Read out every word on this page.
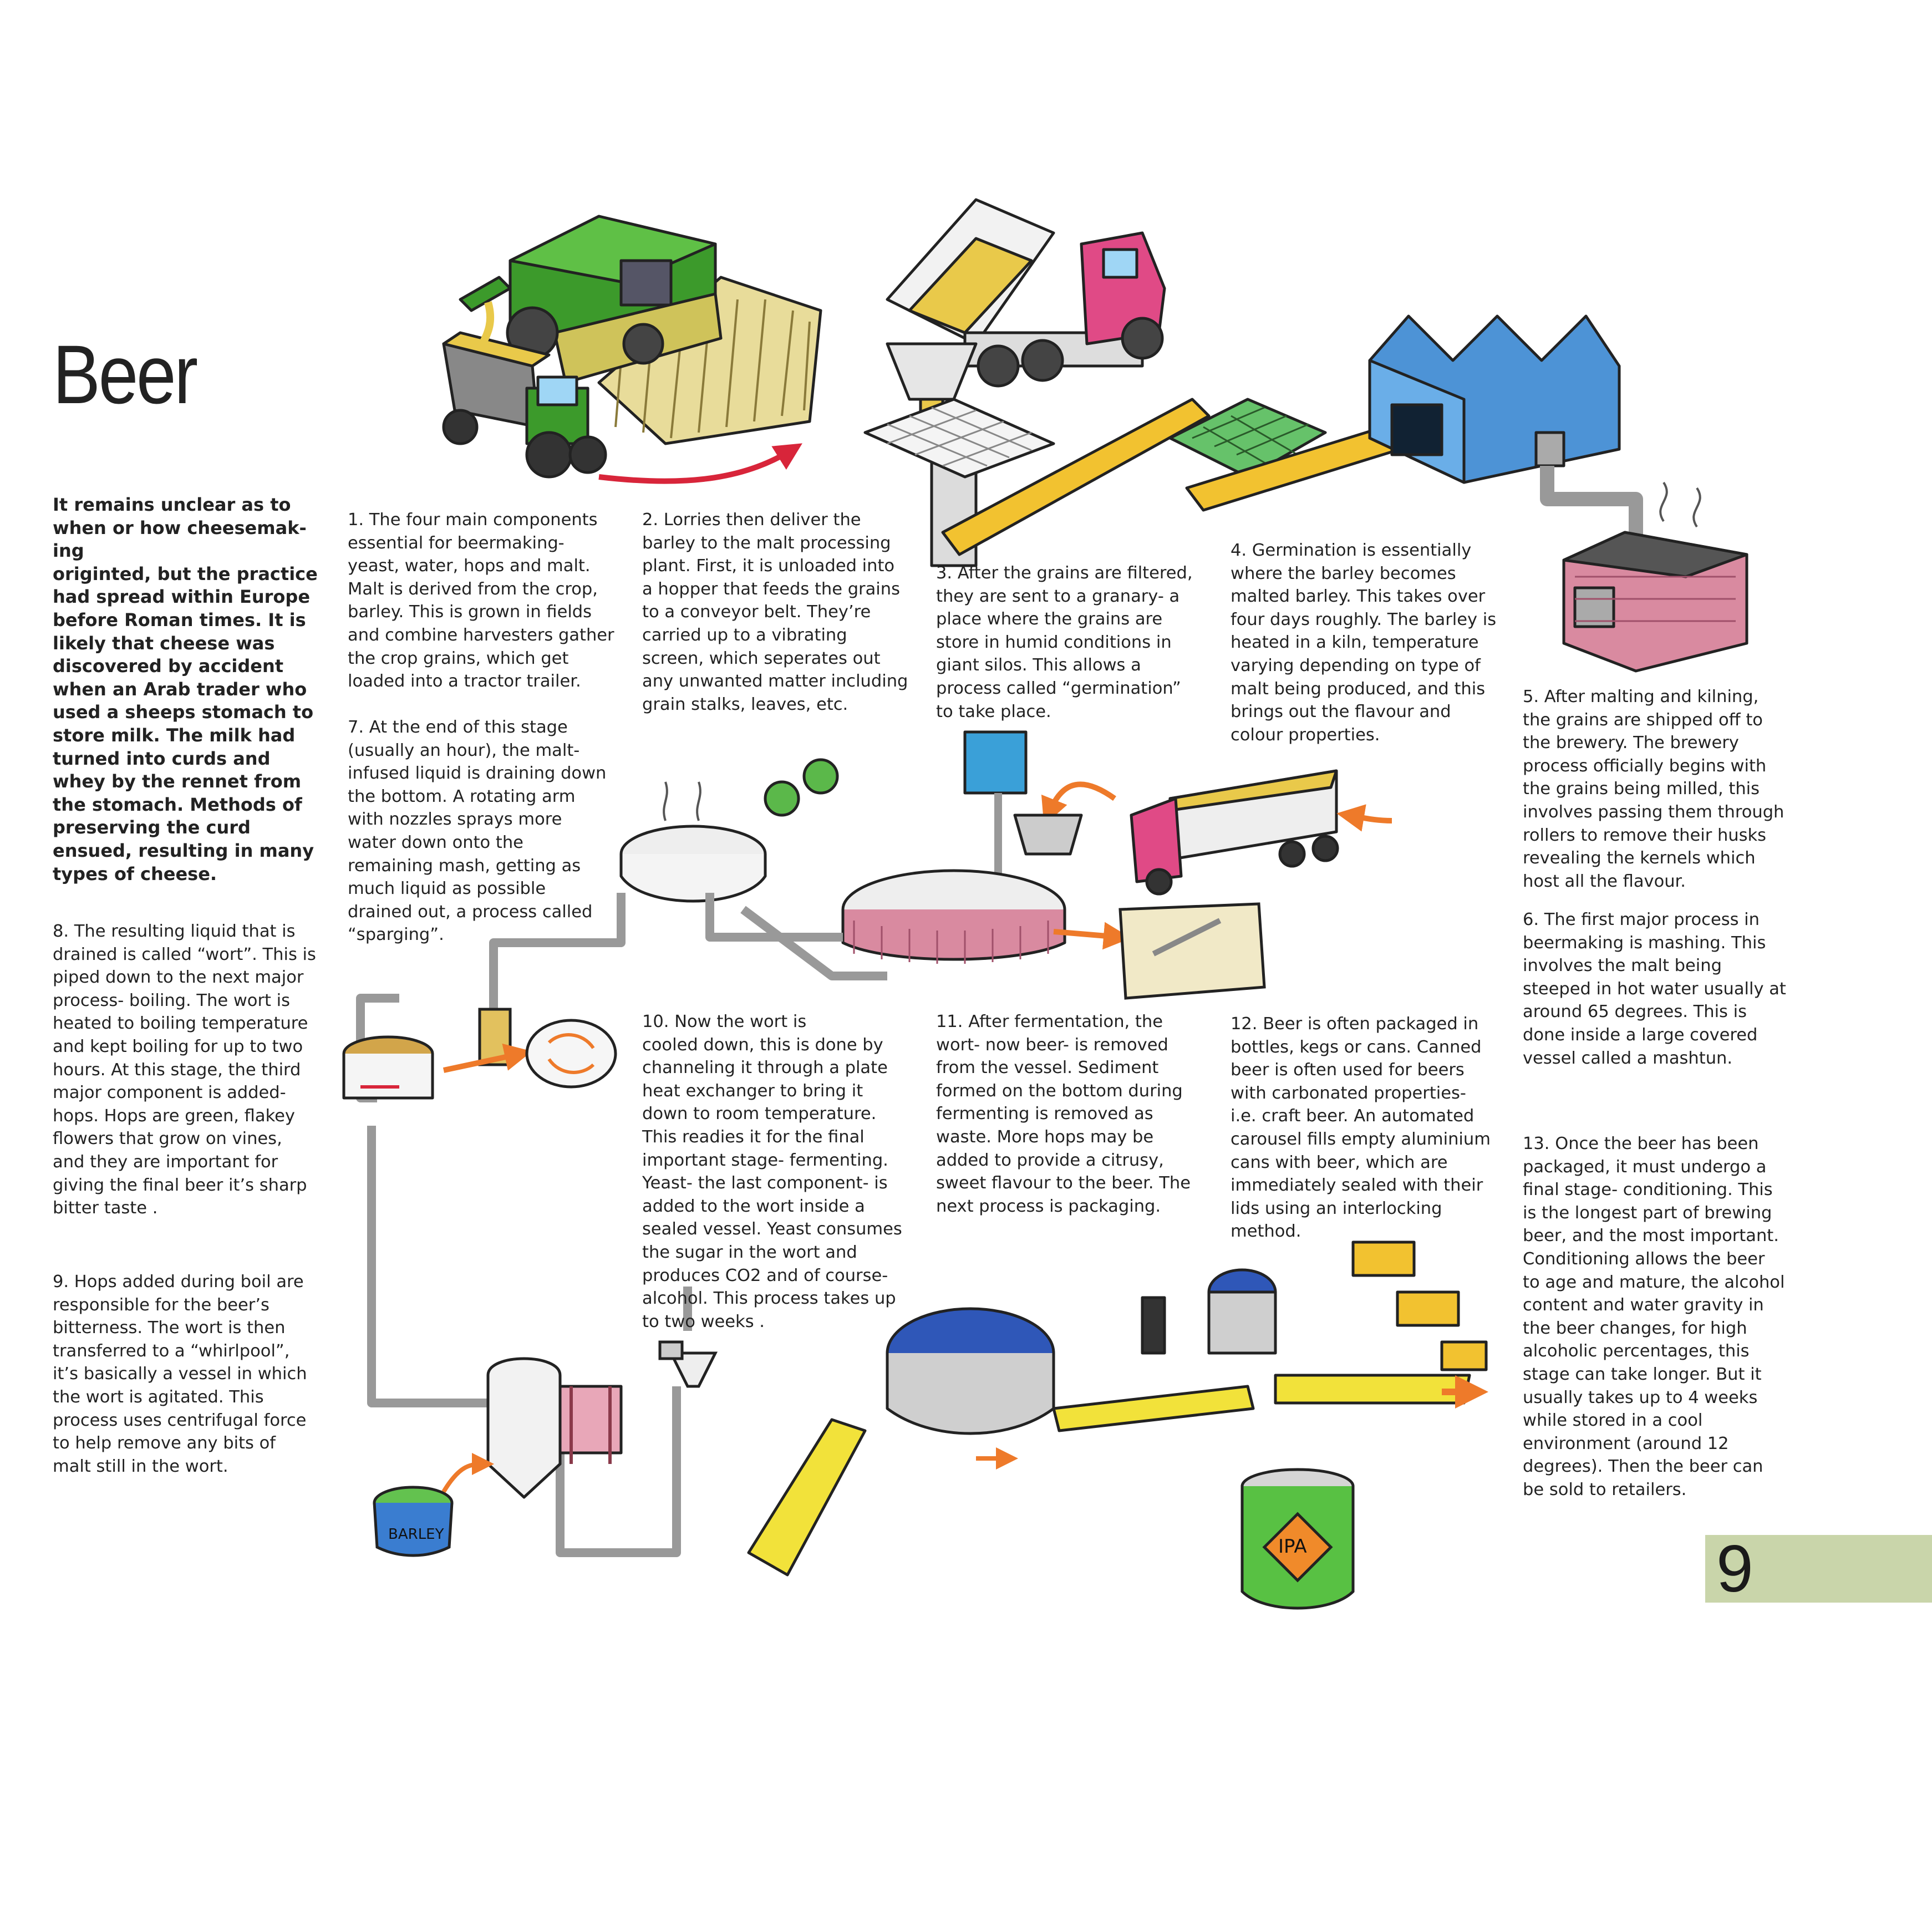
BARLEY
IPA
Beer
It remains unclear as to
when or how cheesemak-
ing
originted, but the practice
had spread within Europe
before Roman times. It is
likely that cheese was
discovered by accident
when an Arab trader who
used a sheeps stomach to
store milk. The milk had
turned into curds and
whey by the rennet from
the stomach. Methods of
preserving the curd
ensued, resulting in many
types of cheese.
1. The four main components
essential for beermaking-
yeast, water, hops and malt.
Malt is derived from the crop,
barley. This is grown in fields
and combine harvesters gather
the crop grains, which get
loaded into a tractor trailer.
2. Lorries then deliver the
barley to the malt processing
plant. First, it is unloaded into
a hopper that feeds the grains
to a conveyor belt. They’re
carried up to a vibrating
screen, which seperates out
any unwanted matter including
grain stalks, leaves, etc.
3. After the grains are filtered,
they are sent to a granary- a
place where the grains are
store in humid conditions in
giant silos. This allows a
process called “germination”
to take place.
4. Germination is essentially
where the barley becomes
malted barley. This takes over
four days roughly. The barley is
heated in a kiln, temperature
varying depending on type of
malt being produced, and this
brings out the flavour and
colour properties.
5. After malting and kilning,
the grains are shipped off to
the brewery. The brewery
process officially begins with
the grains being milled, this
involves passing them through
rollers to remove their husks
revealing the kernels which
host all the flavour.
6. The first major process in
beermaking is mashing. This
involves the malt being
steeped in hot water usually at
around 65 degrees. This is
done inside a large covered
vessel called a mashtun.
7. At the end of this stage
(usually an hour), the malt-
infused liquid is draining down
the bottom. A rotating arm
with nozzles sprays more
water down onto the
remaining mash, getting as
much liquid as possible
drained out, a process called
“sparging”.
8. The resulting liquid that is
drained is called “wort”. This is
piped down to the next major
process- boiling. The wort is
heated to boiling temperature
and kept boiling for up to two
hours. At this stage, the third
major component is added-
hops. Hops are green, flakey
flowers that grow on vines,
and they are important for
giving the final beer it’s sharp
bitter taste .
9. Hops added during boil are
responsible for the beer’s
bitterness. The wort is then
transferred to a “whirlpool”,
it’s basically a vessel in which
the wort is agitated. This
process uses centrifugal force
to help remove any bits of
malt still in the wort.
10. Now the wort is
cooled down, this is done by
channeling it through a plate
heat exchanger to bring it
down to room temperature.
This readies it for the final
important stage- fermenting.
Yeast- the last component- is
added to the wort inside a
sealed vessel. Yeast consumes
the sugar in the wort and
produces CO2 and of course-
alcohol. This process takes up
to two weeks .
11. After fermentation, the
wort- now beer- is removed
from the vessel. Sediment
formed on the bottom during
fermenting is removed as
waste. More hops may be
added to provide a citrusy,
sweet flavour to the beer. The
next process is packaging.
12. Beer is often packaged in
bottles, kegs or cans. Canned
beer is often used for beers
with carbonated properties-
i.e. craft beer. An automated
carousel fills empty aluminium
cans with beer, which are
immediately sealed with their
lids using an interlocking
method.
13. Once the beer has been
packaged, it must undergo a
final stage- conditioning. This
is the longest part of brewing
beer, and the most important.
Conditioning allows the beer
to age and mature, the alcohol
content and water gravity in
the beer changes, for high
alcoholic percentages, this
stage can take longer. But it
usually takes up to 4 weeks
while stored in a cool
environment (around 12
degrees). Then the beer can
be sold to retailers.
9
